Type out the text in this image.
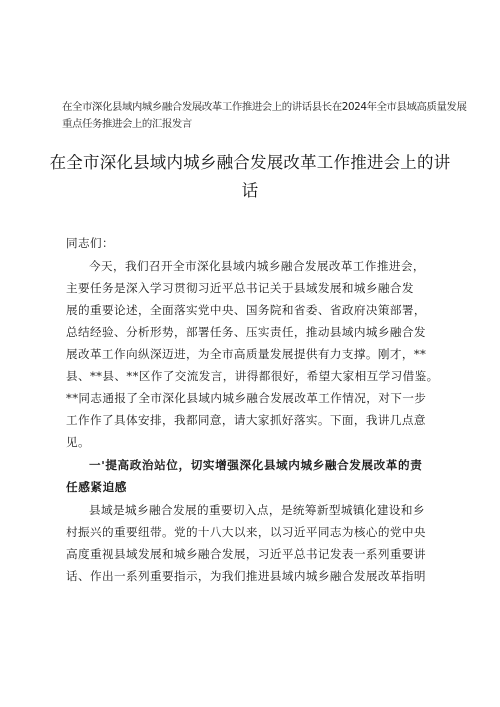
在全市深化县域内城乡融合发展改革工作推进会上的讲话县长在2024年全市县域高质量发展
重点任务推进会上的汇报发言
在全市深化县域内城乡融合发展改革工作推进会上的讲
话
同志们：
今天，我们召开全市深化县域内城乡融合发展改革工作推进会，
主要任务是深入学习贯彻习近平总书记关于县域发展和城乡融合发
展的重要论述，全面落实党中央、国务院和省委、省政府决策部署，
总结经验、分析形势，部署任务、压实责任，推动县域内城乡融合发
展改革工作向纵深迈进，为全市高质量发展提供有力支撑。刚才，**
县、**县、**区作了交流发言，讲得都很好，希望大家相互学习借鉴。
**同志通报了全市深化县域内城乡融合发展改革工作情况，对下一步
工作作了具体安排，我都同意，请大家抓好落实。下面，我讲几点意
见。
一'提高政治站位，切实增强深化县域内城乡融合发展改革的责
任感紧迫感
县域是城乡融合发展的重要切入点，是统筹新型城镇化建设和乡
村振兴的重要纽带。党的十八大以来，以习近平同志为核心的党中央
高度重视县域发展和城乡融合发展，习近平总书记发表一系列重要讲
话、作出一系列重要指示，为我们推进县域内城乡融合发展改革指明
